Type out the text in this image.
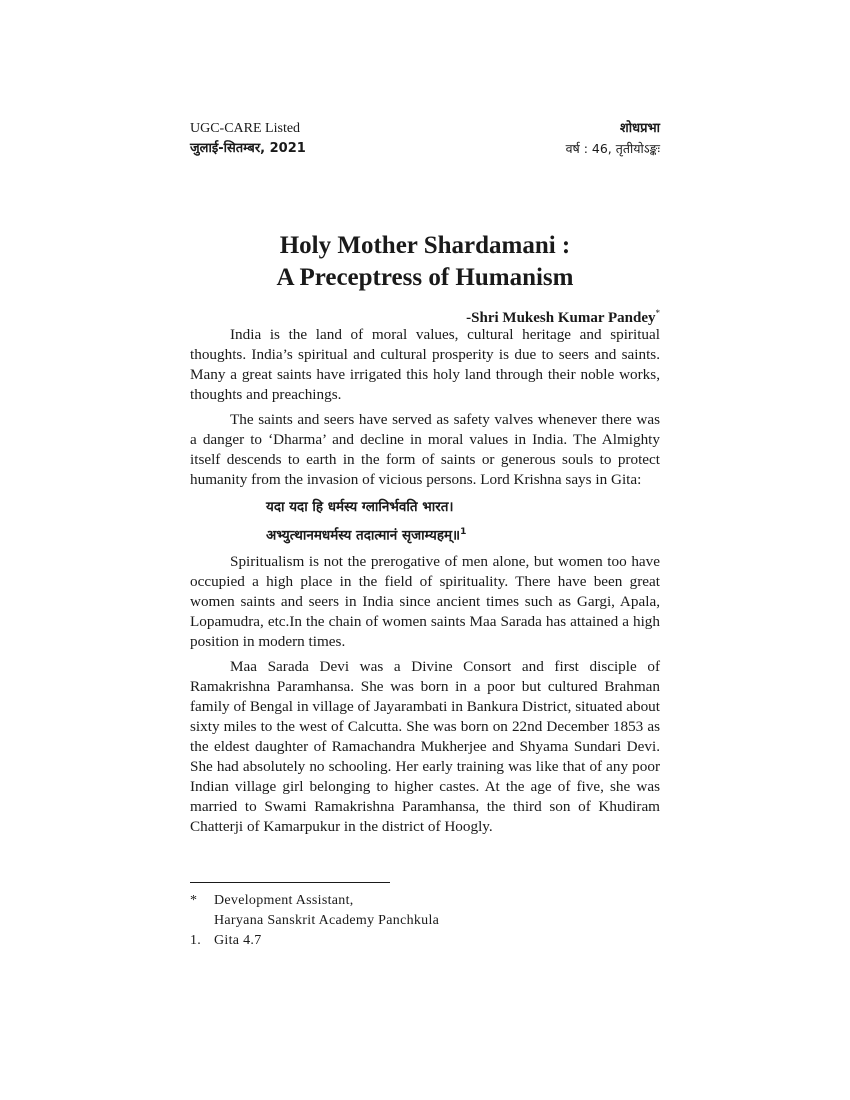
UGC-CARE Listed
जुलाई-सितम्बर, 2021
शोधप्रभा
वर्ष : 46, तृतीयोऽङ्कः
Holy Mother Shardamani :
A Preceptress of Humanism
-Shri Mukesh Kumar Pandey*

India is the land of moral values, cultural heritage and spiritual thoughts. India’s spiritual and cultural prosperity is due to seers and saints. Many a great saints have irrigated this holy land through their noble works, thoughts and preachings.

The saints and seers have served as safety valves whenever there was a danger to ‘Dharma’ and decline in moral values in India. The Almighty itself descends to earth in the form of saints or generous souls to protect humanity from the invasion of vicious persons. Lord Krishna says in Gita:

यदा यदा हि धर्मस्य ग्लानिर्भवति भारत।
अभ्युत्थानमधर्मस्य तदात्मानं सृजाम्यहम्॥$^1$

Spiritualism is not the prerogative of men alone, but women too have occupied a high place in the field of spirituality. There have been great women saints and seers in India since ancient times such as Gargi, Apala, Lopamudra, etc.In the chain of women saints Maa Sarada has attained a high position in modern times.

Maa Sarada Devi was a Divine Consort and first disciple of Ramakrishna Paramhansa. She was born in a poor but cultured Brahman family of Bengal in village of Jayarambati in Bankura District, situated about sixty miles to the west of Calcutta. She was born on 22nd December 1853 as the eldest daughter of Ramachandra Mukherjee and Shyama Sundari Devi. She had absolutely no schooling. Her early training was like that of any poor Indian village girl belonging to higher castes. At the age of five, she was married to Swami Ramakrishna Paramhansa, the third son of Khudiram Chatterji of Kamarpukur in the district of Hoogly.

*	Development Assistant,
Haryana Sanskrit Academy Panchkula
1. Gita 4.7
